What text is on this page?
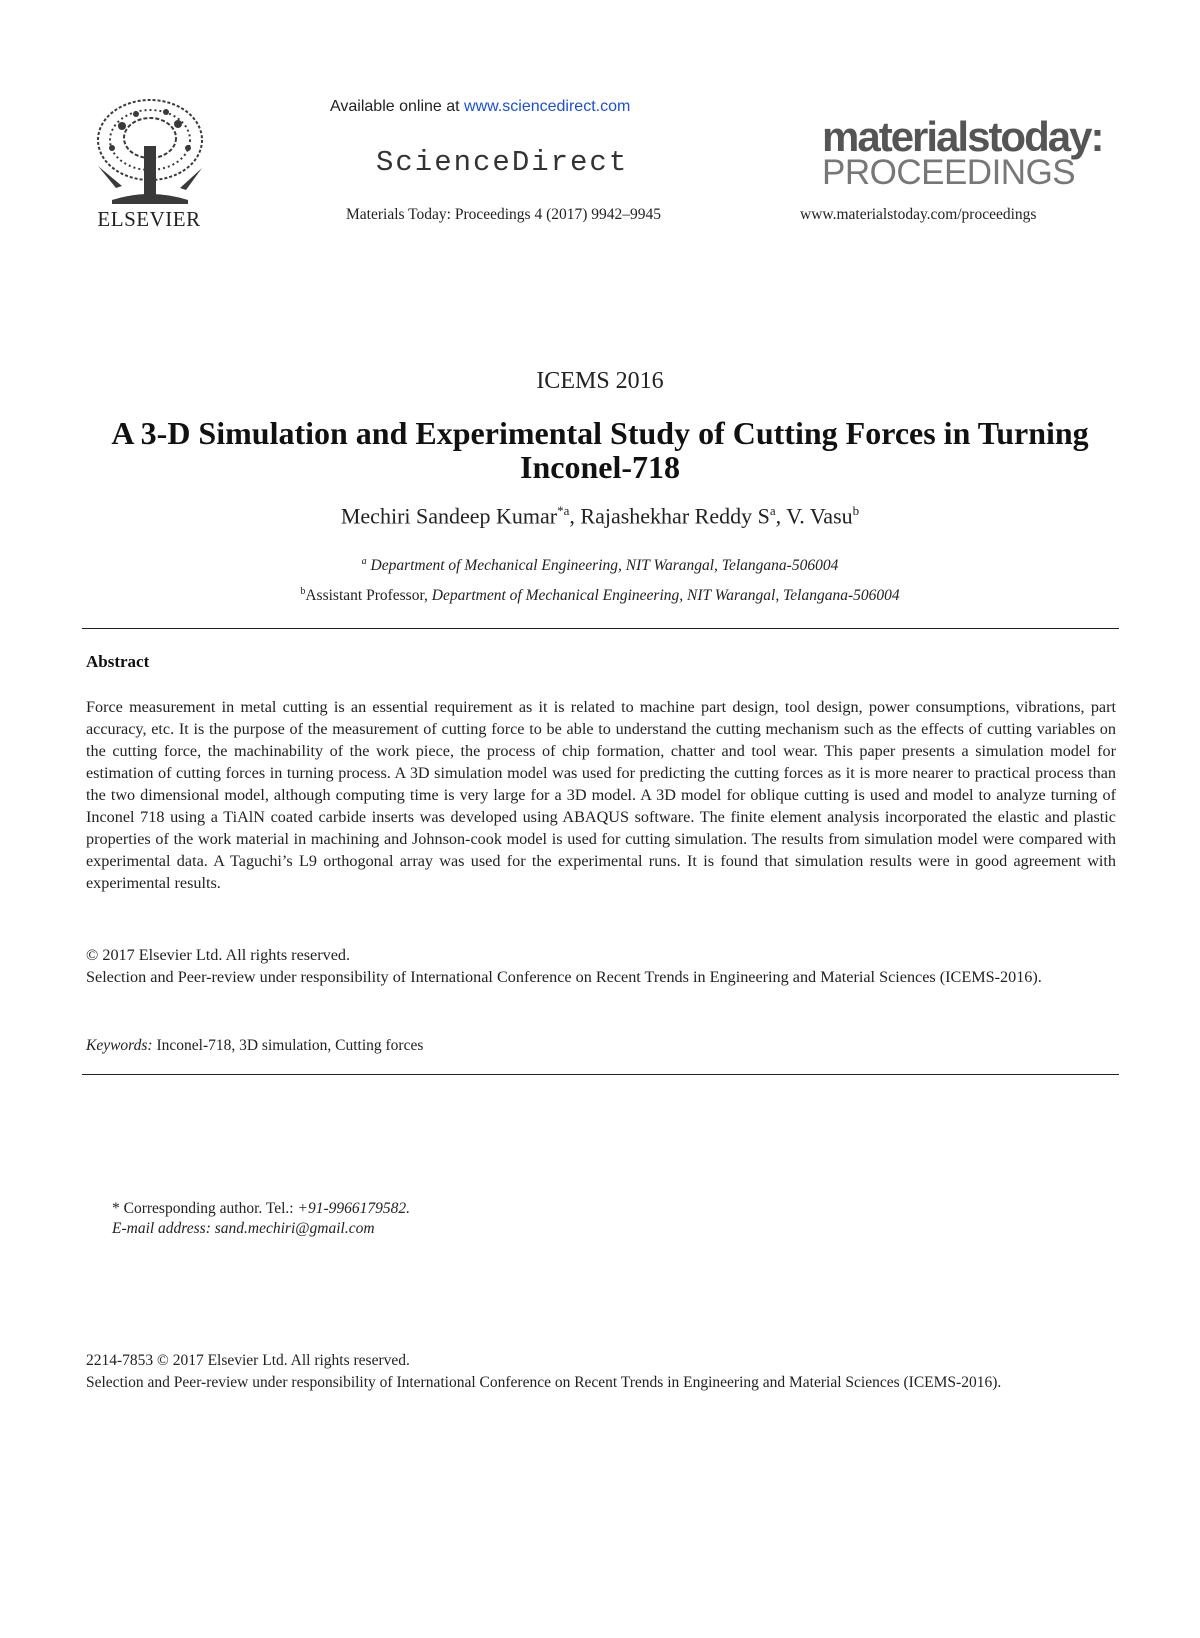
ELSEVIER
Available online at www.sciencedirect.com
ScienceDirect
Materials Today: Proceedings 4 (2017) 9942–9945
materialstoday:
PROCEEDINGS
www.materialstoday.com/proceedings
ICEMS 2016
A 3-D Simulation and Experimental Study of Cutting Forces in Turning Inconel-718
Mechiri Sandeep Kumar$^{*a}$, Rajashekhar Reddy $S^a$, V. Vasu$^b$
$^a$ Department of Mechanical Engineering, NIT Warangal, Telangana-506004
$^b$Assistant Professor, Department of Mechanical Engineering, NIT Warangal, Telangana-506004
Abstract
Force measurement in metal cutting is an essential requirement as it is related to machine part design, tool design, power consumptions, vibrations, part accuracy, etc. It is the purpose of the measurement of cutting force to be able to understand the cutting mechanism such as the effects of cutting variables on the cutting force, the machinability of the work piece, the process of chip formation, chatter and tool wear. This paper presents a simulation model for estimation of cutting forces in turning process. A 3D simulation model was used for predicting the cutting forces as it is more nearer to practical process than the two dimensional model, although computing time is very large for a 3D model. A 3D model for oblique cutting is used and model to analyze turning of Inconel 718 using a TiAlN coated carbide inserts was developed using ABAQUS software. The finite element analysis incorporated the elastic and plastic properties of the work material in machining and Johnson-cook model is used for cutting simulation. The results from simulation model were compared with experimental data. A Taguchi’s L9 orthogonal array was used for the experimental runs. It is found that simulation results were in good agreement with experimental results.
© 2017 Elsevier Ltd. All rights reserved.
Selection and Peer-review under responsibility of International Conference on Recent Trends in Engineering and Material Sciences (ICEMS-2016).
Keywords: Inconel-718, 3D simulation, Cutting forces
* Corresponding author. Tel.: +91-9966179582.
E-mail address: sand.mechiri@gmail.com
2214-7853 © 2017 Elsevier Ltd. All rights reserved.
Selection and Peer-review under responsibility of International Conference on Recent Trends in Engineering and Material Sciences (ICEMS-2016).
